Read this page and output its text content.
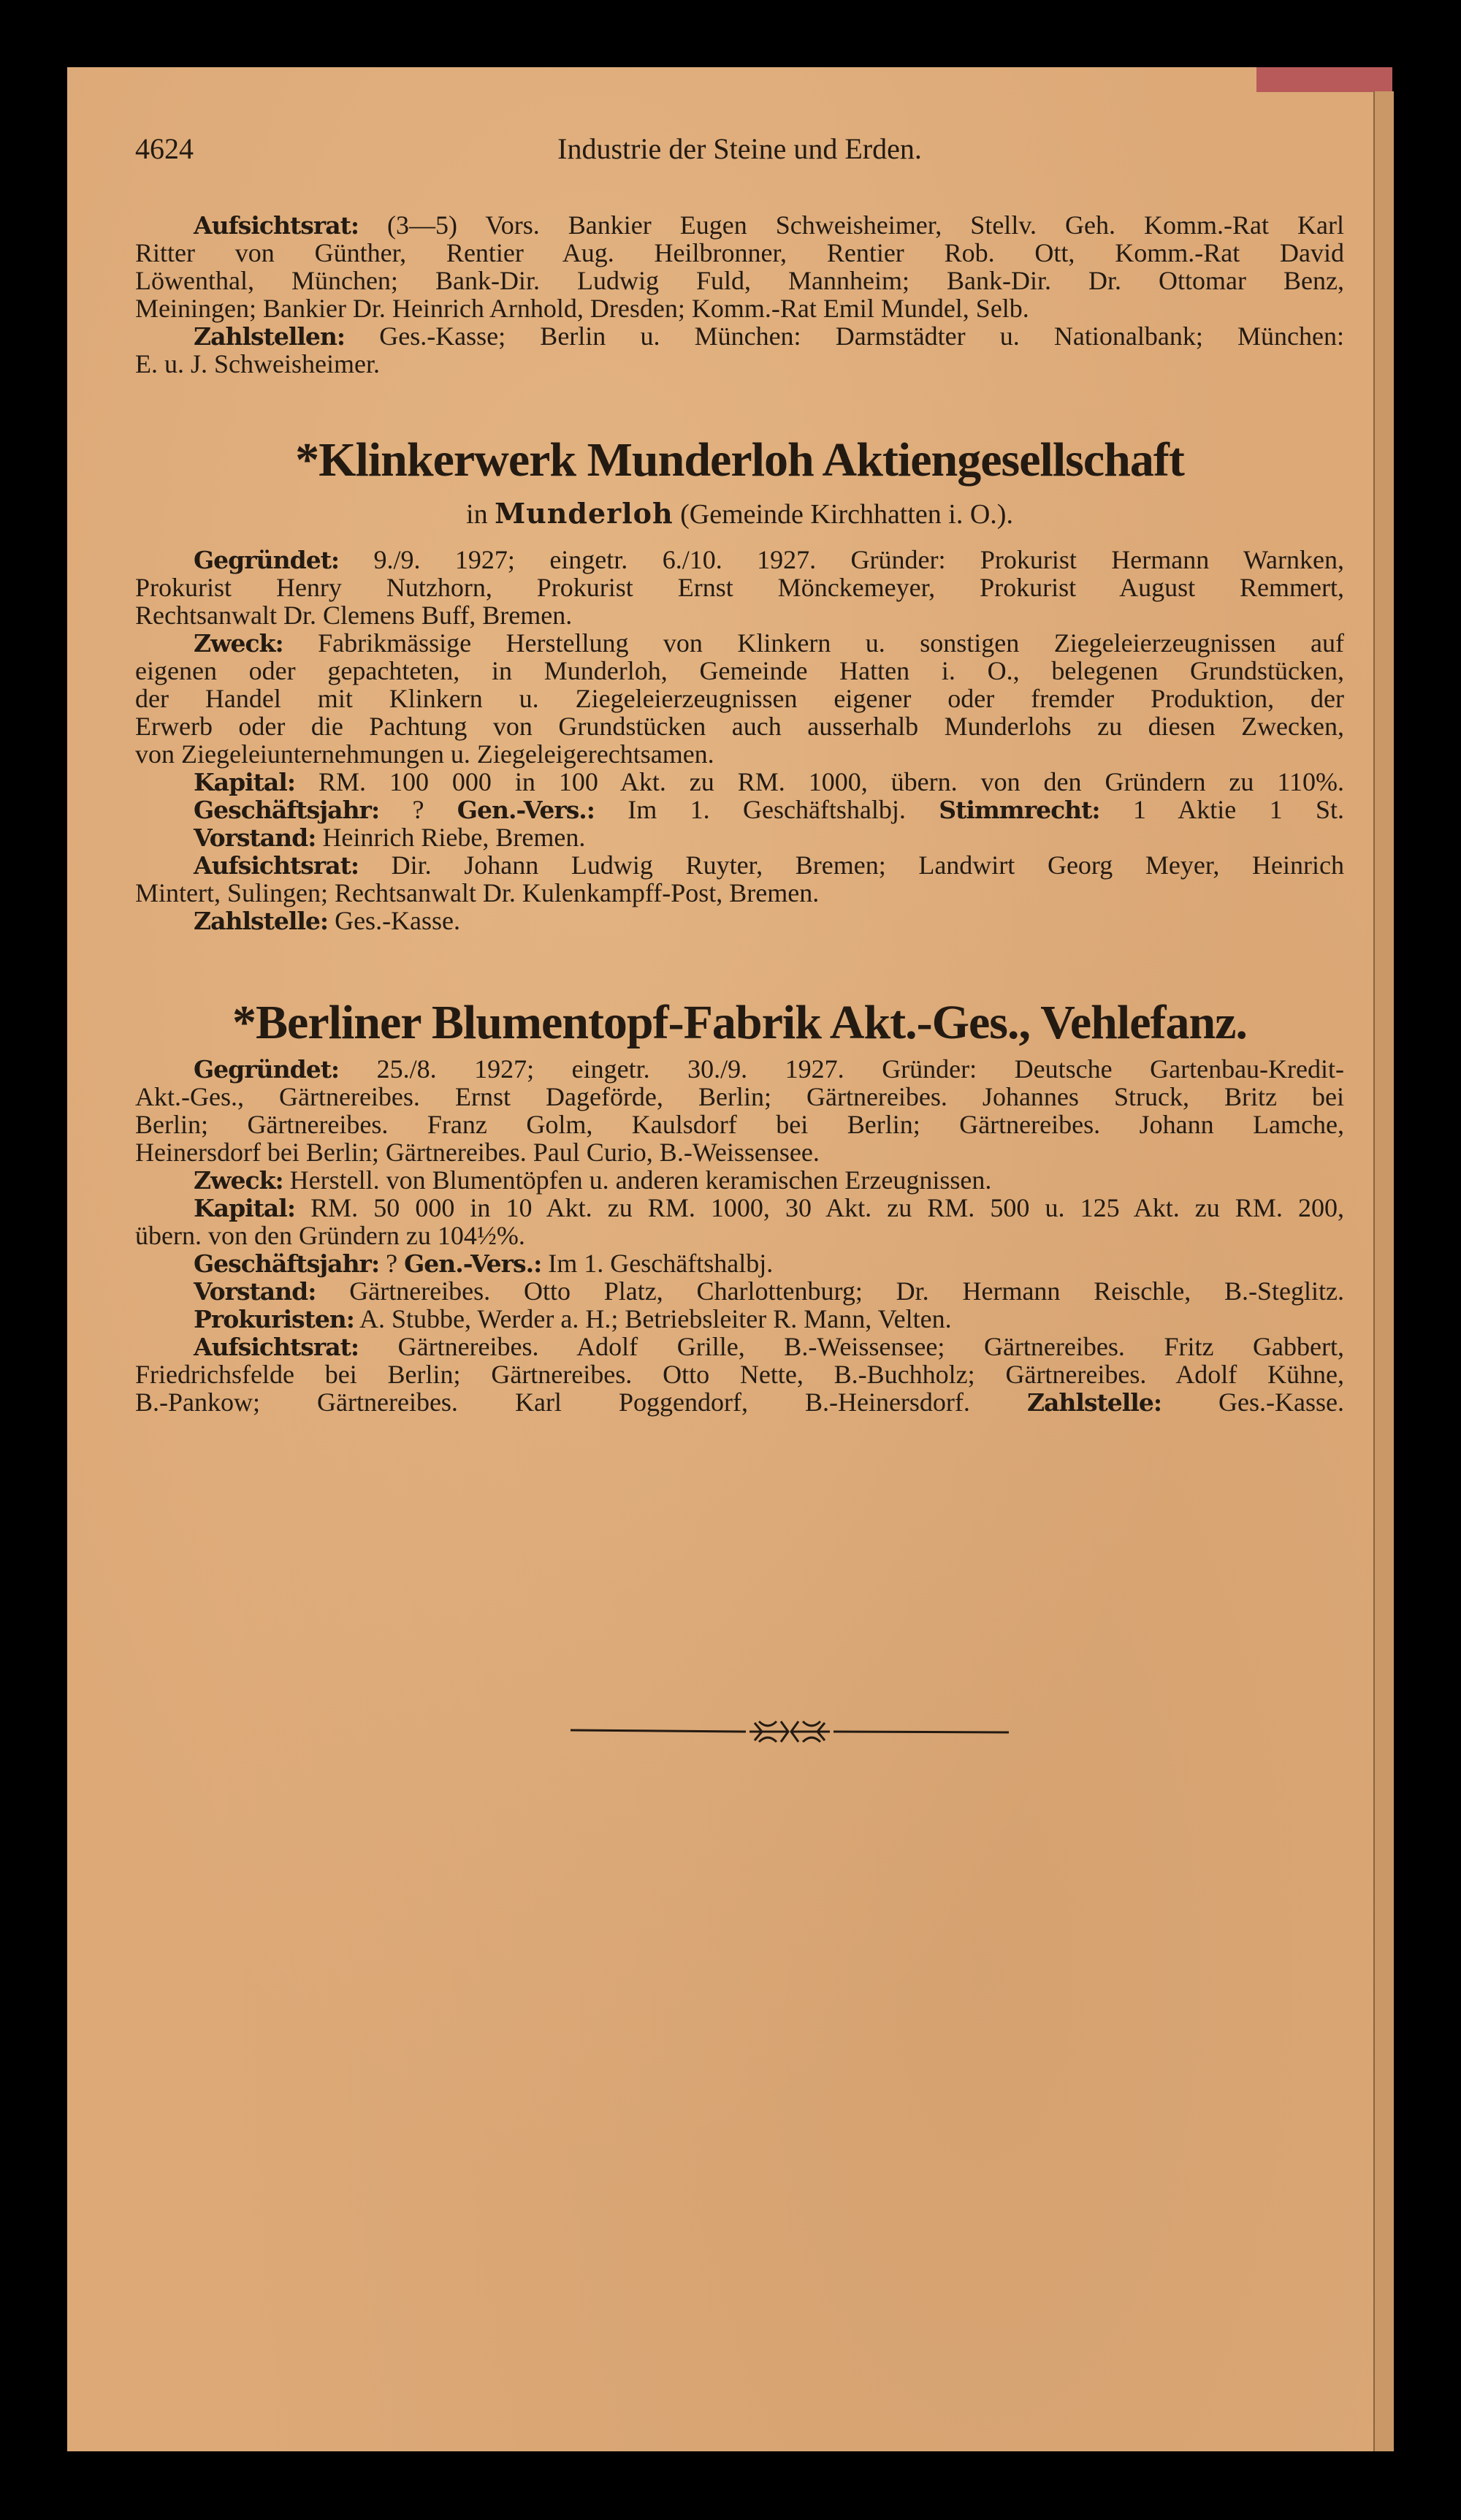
4624	Industrie der Steine und Erden.
Aufsichtsrat: (3—5) Vors. Bankier Eugen Schweisheimer, Stellv. Geh. Komm.-Rat Karl
Ritter von Günther, Rentier Aug. Heilbronner, Rentier Rob. Ott, Komm.-Rat David
Löwenthal, München; Bank-Dir. Ludwig Fuld, Mannheim; Bank-Dir. Dr. Ottomar Benz,
Meiningen; Bankier Dr. Heinrich Arnhold, Dresden; Komm.-Rat Emil Mundel, Selb.
Zahlstellen: Ges.-Kasse; Berlin u. München: Darmstädter u. Nationalbank; München:
E. u. J. Schweisheimer.
*Klinkerwerk Munderloh Aktiengesellschaft
in Munderloh (Gemeinde Kirchhatten i. O.).
Gegründet: 9./9. 1927; eingetr. 6./10. 1927. Gründer: Prokurist Hermann Warnken,
Prokurist Henry Nutzhorn, Prokurist Ernst Mönckemeyer, Prokurist August Remmert,
Rechtsanwalt Dr. Clemens Buff, Bremen.
Zweck: Fabrikmässige Herstellung von Klinkern u. sonstigen Ziegeleierzeugnissen auf
eigenen oder gepachteten, in Munderloh, Gemeinde Hatten i. O., belegenen Grundstücken,
der Handel mit Klinkern u. Ziegeleierzeugnissen eigener oder fremder Produktion, der
Erwerb oder die Pachtung von Grundstücken auch ausserhalb Munderlohs zu diesen Zwecken,
von Ziegeleiunternehmungen u. Ziegeleigerechtsamen.
Kapital: RM. 100 000 in 100 Akt. zu RM. 1000, übern. von den Gründern zu 110%.
Geschäftsjahr: ? Gen.-Vers.: Im 1. Geschäftshalbj. Stimmrecht: 1 Aktie 1 St.
Vorstand: Heinrich Riebe, Bremen.
Aufsichtsrat: Dir. Johann Ludwig Ruyter, Bremen; Landwirt Georg Meyer, Heinrich
Mintert, Sulingen; Rechtsanwalt Dr. Kulenkampff-Post, Bremen.
Zahlstelle: Ges.-Kasse.
*Berliner Blumentopf-Fabrik Akt.-Ges., Vehlefanz.
Gegründet: 25./8. 1927; eingetr. 30./9. 1927. Gründer: Deutsche Gartenbau-Kredit-
Akt.-Ges., Gärtnereibes. Ernst Dageförde, Berlin; Gärtnereibes. Johannes Struck, Britz bei
Berlin; Gärtnereibes. Franz Golm, Kaulsdorf bei Berlin; Gärtnereibes. Johann Lamche,
Heinersdorf bei Berlin; Gärtnereibes. Paul Curio, B.-Weissensee.
Zweck: Herstell. von Blumentöpfen u. anderen keramischen Erzeugnissen.
Kapital: RM. 50 000 in 10 Akt. zu RM. 1000, 30 Akt. zu RM. 500 u. 125 Akt. zu RM. 200,
übern. von den Gründern zu 104½%.
Geschäftsjahr: ? Gen.-Vers.: Im 1. Geschäftshalbj.
Vorstand: Gärtnereibes. Otto Platz, Charlottenburg; Dr. Hermann Reischle, B.-Steglitz.
Prokuristen: A. Stubbe, Werder a. H.; Betriebsleiter R. Mann, Velten.
Aufsichtsrat: Gärtnereibes. Adolf Grille, B.-Weissensee; Gärtnereibes. Fritz Gabbert,
Friedrichsfelde bei Berlin; Gärtnereibes. Otto Nette, B.-Buchholz; Gärtnereibes. Adolf Kühne,
B.-Pankow; Gärtnereibes. Karl Poggendorf, B.-Heinersdorf. Zahlstelle: Ges.-Kasse.
